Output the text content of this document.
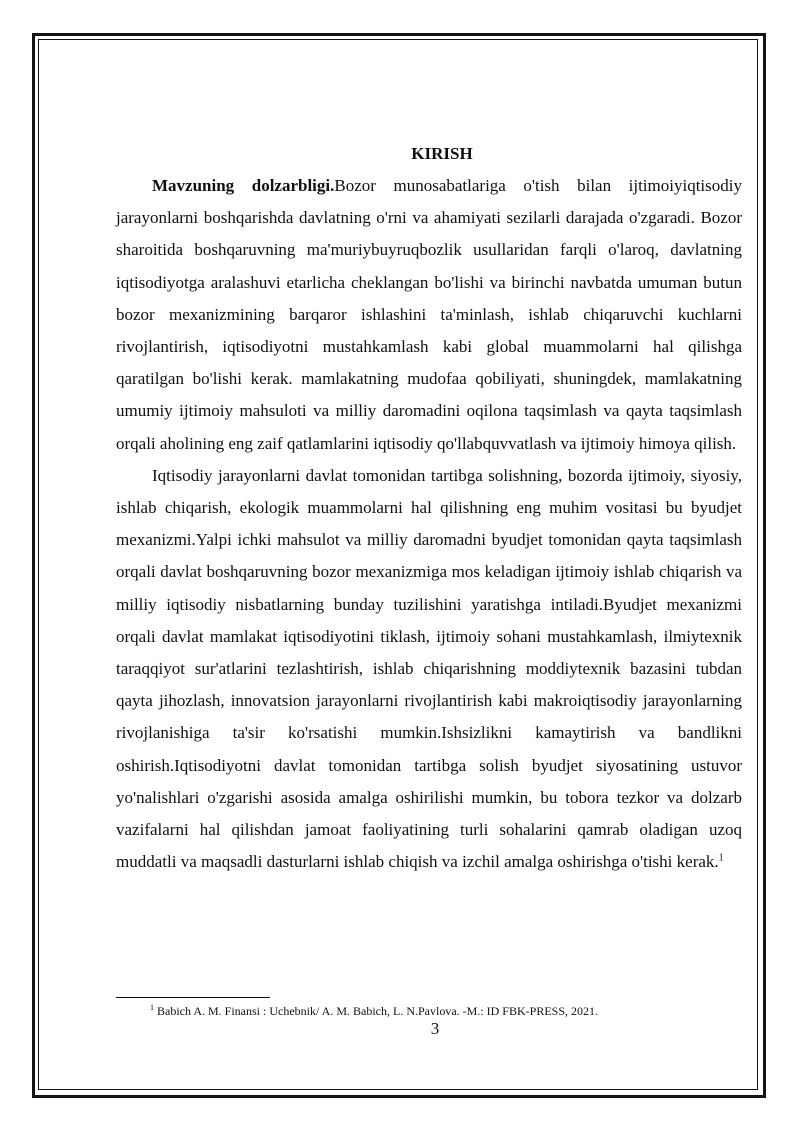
KIRISH

Mavzuning dolzarbligi.Bozor munosabatlariga o'tish bilan ijtimoiyiqtisodiy jarayonlarni boshqarishda davlatning o'rni va ahamiyati sezilarli darajada o'zgaradi. Bozor sharoitida boshqaruvning ma'muriybuyruqbozlik usullaridan farqli o'laroq, davlatning iqtisodiyotga aralashuvi etarlicha cheklangan bo'lishi va birinchi navbatda umuman butun bozor mexanizmining barqaror ishlashini ta'minlash, ishlab chiqaruvchi kuchlarni rivojlantirish, iqtisodiyotni mustahkamlash kabi global muammolarni hal qilishga qaratilgan bo'lishi kerak. mamlakatning mudofaa qobiliyati, shuningdek, mamlakatning umumiy ijtimoiy mahsuloti va milliy daromadini oqilona taqsimlash va qayta taqsimlash orqali aholining eng zaif qatlamlarini iqtisodiy qo'llabquvvatlash va ijtimoiy himoya qilish.

Iqtisodiy jarayonlarni davlat tomonidan tartibga solishning, bozorda ijtimoiy, siyosiy, ishlab chiqarish, ekologik muammolarni hal qilishning eng muhim vositasi bu byudjet mexanizmi.Yalpi ichki mahsulot va milliy daromadni byudjet tomonidan qayta taqsimlash orqali davlat boshqaruvning bozor mexanizmiga mos keladigan ijtimoiy ishlab chiqarish va milliy iqtisodiy nisbatlarning bunday tuzilishini yaratishga intiladi.Byudjet mexanizmi orqali davlat mamlakat iqtisodiyotini tiklash, ijtimoiy sohani mustahkamlash, ilmiytexnik taraqqiyot sur'atlarini tezlashtirish, ishlab chiqarishning moddiytexnik bazasini tubdan qayta jihozlash, innovatsion jarayonlarni rivojlantirish kabi makroiqtisodiy jarayonlarning rivojlanishiga ta'sir ko'rsatishi mumkin.Ishsizlikni kamaytirish va bandlikni oshirish.Iqtisodiyotni davlat tomonidan tartibga solish byudjet siyosatining ustuvor yo'nalishlari o'zgarishi asosida amalga oshirilishi mumkin, bu tobora tezkor va dolzarb vazifalarni hal qilishdan jamoat faoliyatining turli sohalarini qamrab oladigan uzoq muddatli va maqsadli dasturlarni ishlab chiqish va izchil amalga oshirishga o'tishi kerak.$^1$

$^1$ Babich A. M. Finansi : Uchebnik/ A. M. Babich, L. N.Pavlova. -M.: ID FBK-PRESS, 2021.
3
